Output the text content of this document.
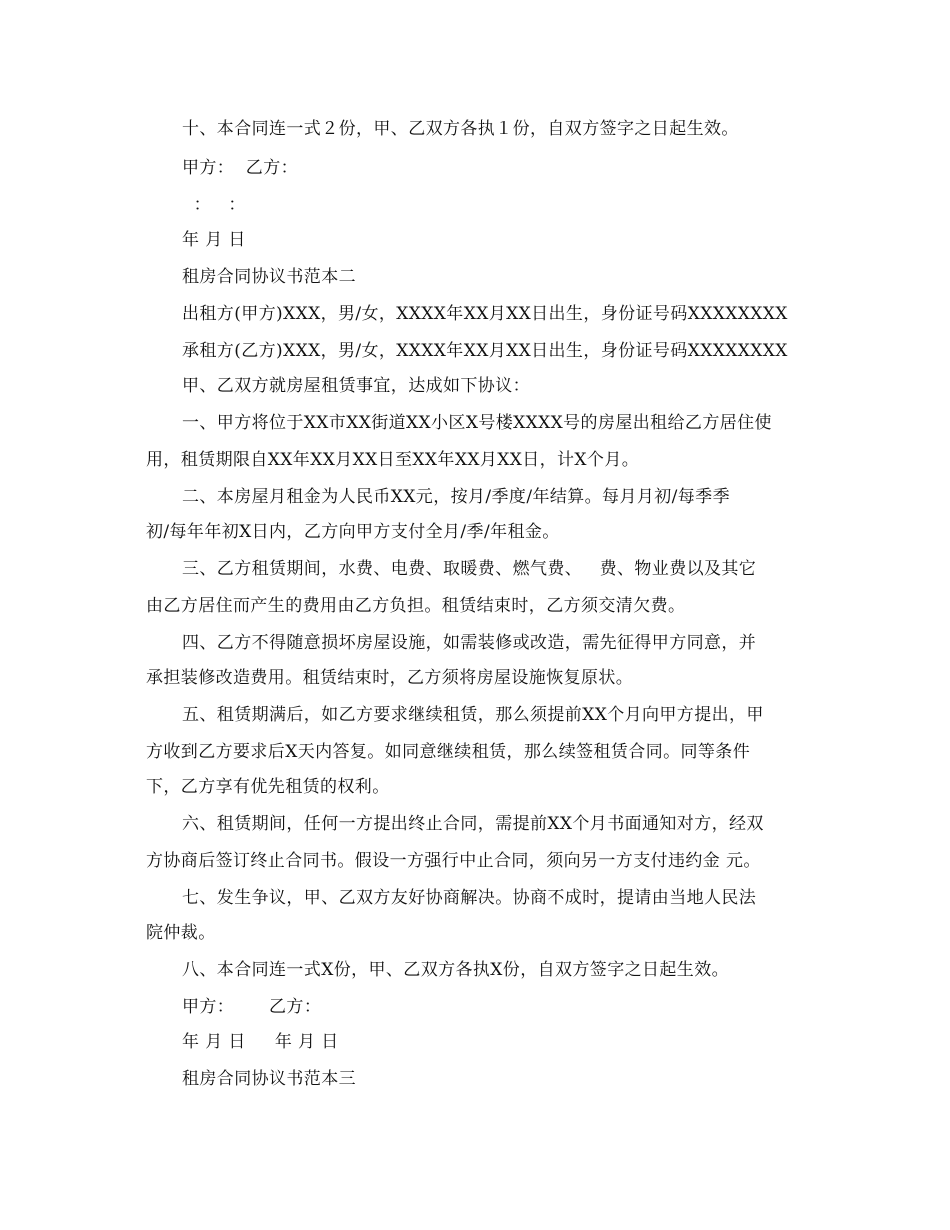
十、本合同连一式２份，甲、乙双方各执１份，自双方签字之日起生效。
甲方：  乙方：
：   ：
年 月 日
租房合同协议书范本二
出租方(甲方)XXX，男/女，XXXX年XX月XX日出生，身份证号码XXXXXXXX
承租方(乙方)XXX，男/女，XXXX年XX月XX日出生，身份证号码XXXXXXXX
甲、乙双方就房屋租赁事宜，达成如下协议：
一、甲方将位于XX市XX街道XX小区X号楼XXXX号的房屋出租给乙方居住使
用，租赁期限自XX年XX月XX日至XX年XX月XX日，计X个月。
二、本房屋月租金为人民币XX元，按月/季度/年结算。每月月初/每季季
初/每年年初X日内，乙方向甲方支付全月/季/年租金。
三、乙方租赁期间，水费、电费、取暖费、燃气费、   费、物业费以及其它
由乙方居住而产生的费用由乙方负担。租赁结束时，乙方须交清欠费。
四、乙方不得随意损坏房屋设施，如需装修或改造，需先征得甲方同意，并
承担装修改造费用。租赁结束时，乙方须将房屋设施恢复原状。
五、租赁期满后，如乙方要求继续租赁，那么须提前XX个月向甲方提出，甲
方收到乙方要求后X天内答复。如同意继续租赁，那么续签租赁合同。同等条件
下，乙方享有优先租赁的权利。
六、租赁期间，任何一方提出终止合同，需提前XX个月书面通知对方，经双
方协商后签订终止合同书。假设一方强行中止合同，须向另一方支付违约金 元。
七、发生争议，甲、乙双方友好协商解决。协商不成时，提请由当地人民法
院仲裁。
八、本合同连一式X份，甲、乙双方各执X份，自双方签字之日起生效。
甲方：      乙方：
年 月 日     年 月 日
租房合同协议书范本三
